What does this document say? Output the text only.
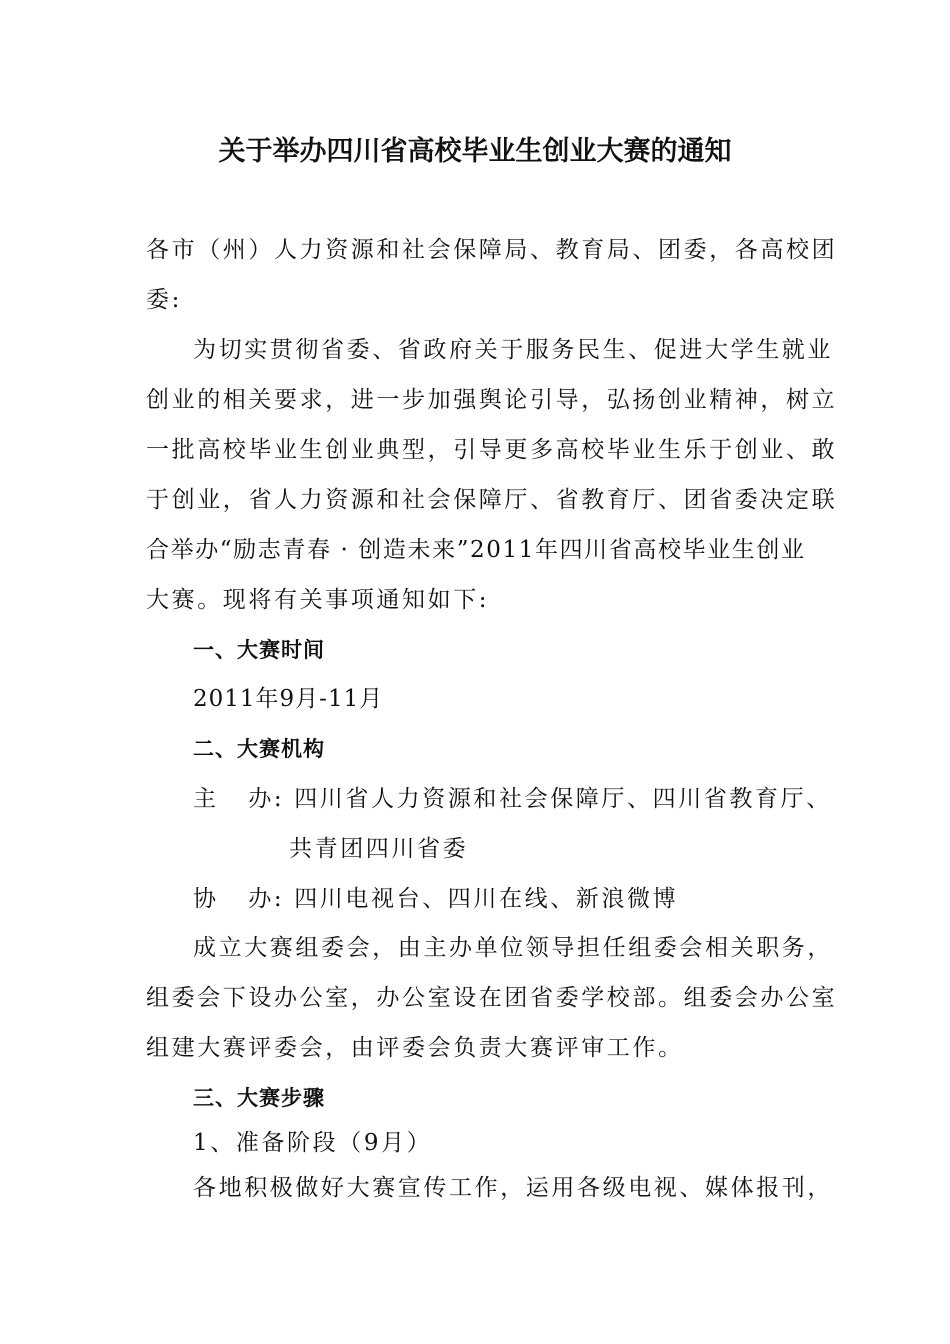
关于举办四川省高校毕业生创业大赛的通知
各市（州）人力资源和社会保障局、教育局、团委，各高校团
委:
为切实贯彻省委、省政府关于服务民生、促进大学生就业
创业的相关要求，进一步加强舆论引导，弘扬创业精神，树立
一批高校毕业生创业典型，引导更多高校毕业生乐于创业、敢
于创业，省人力资源和社会保障厅、省教育厅、团省委决定联
合举办“励志青春 · 创造未来”2011年四川省高校毕业生创业
大赛。现将有关事项通知如下:
一、大赛时间
2011年9月-11月
二、大赛机构
主   办: 四川省人力资源和社会保障厅、四川省教育厅、
共青团四川省委
协   办: 四川电视台、四川在线、新浪微博
成立大赛组委会，由主办单位领导担任组委会相关职务，
组委会下设办公室，办公室设在团省委学校部。组委会办公室
组建大赛评委会，由评委会负责大赛评审工作。
三、大赛步骤
1、准备阶段（9月）
各地积极做好大赛宣传工作，运用各级电视、媒体报刊，
